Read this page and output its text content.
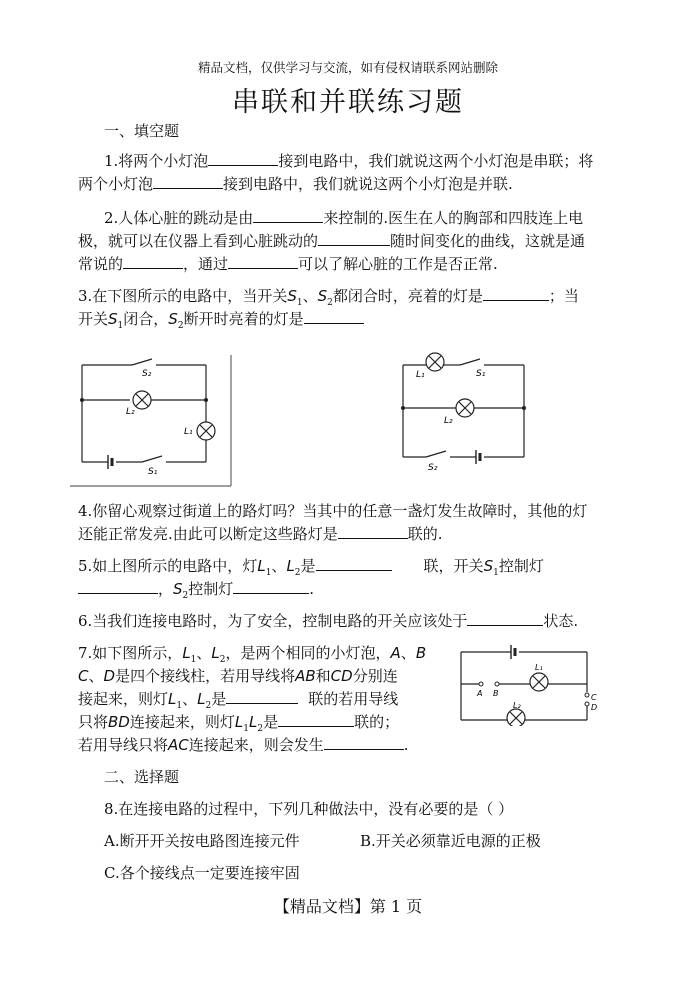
精品文档，仅供学习与交流，如有侵权请联系网站删除
串联和并联练习题
一、填空题
1.将两个小灯泡	接到电路中，我们就说这两个小灯泡是串联；将
两个小灯泡	接到电路中，我们就说这两个小灯泡是并联.
2.人体心脏的跳动是由	来控制的.医生在人的胸部和四肢连上电
极，就可以在仪器上看到心脏跳动的	随时间变化的曲线，这就是通
常说的	，通过	可以了解心脏的工作是否正常.
3.在下图所示的电路中，当开关$S_1$、$S_2$都闭合时，亮着的灯是	；当
开关$S_1$闭合，$S_2$断开时亮着的灯是
S₂
L₂
L₁
S₁
L₁	S₁
L₂
S₂
4.你留心观察过街道上的路灯吗？当其中的任意一盏灯发生故障时，其他的灯
还能正常发亮.由此可以断定这些路灯是	联的.
5.如上图所示的电路中，灯$L_1$、$L_2$是	联，开关$S_1$控制灯
，$S_2$控制灯	.
6.当我们连接电路时，为了安全，控制电路的开关应该处于	状态.
7.如下图所示，$L_1$、$L_2$，是两个相同的小灯泡，A、B
C、D是四个接线柱，若用导线将AB和CD分别连
接起来，则灯$L_1$、$L_2$是	联的若用导线
只将BD连接起来，则灯$L_1L_2$是	联的；
若用导线只将AC连接起来，则会发生	.
L₁
L₂
A B	C
D
二、选择题
8.在连接电路的过程中，下列几种做法中，没有必要的是（ ）
A.断开开关按电路图连接元件	B.开关必须靠近电源的正极
C.各个接线点一定要连接牢固
【精品文档】第 1 页
